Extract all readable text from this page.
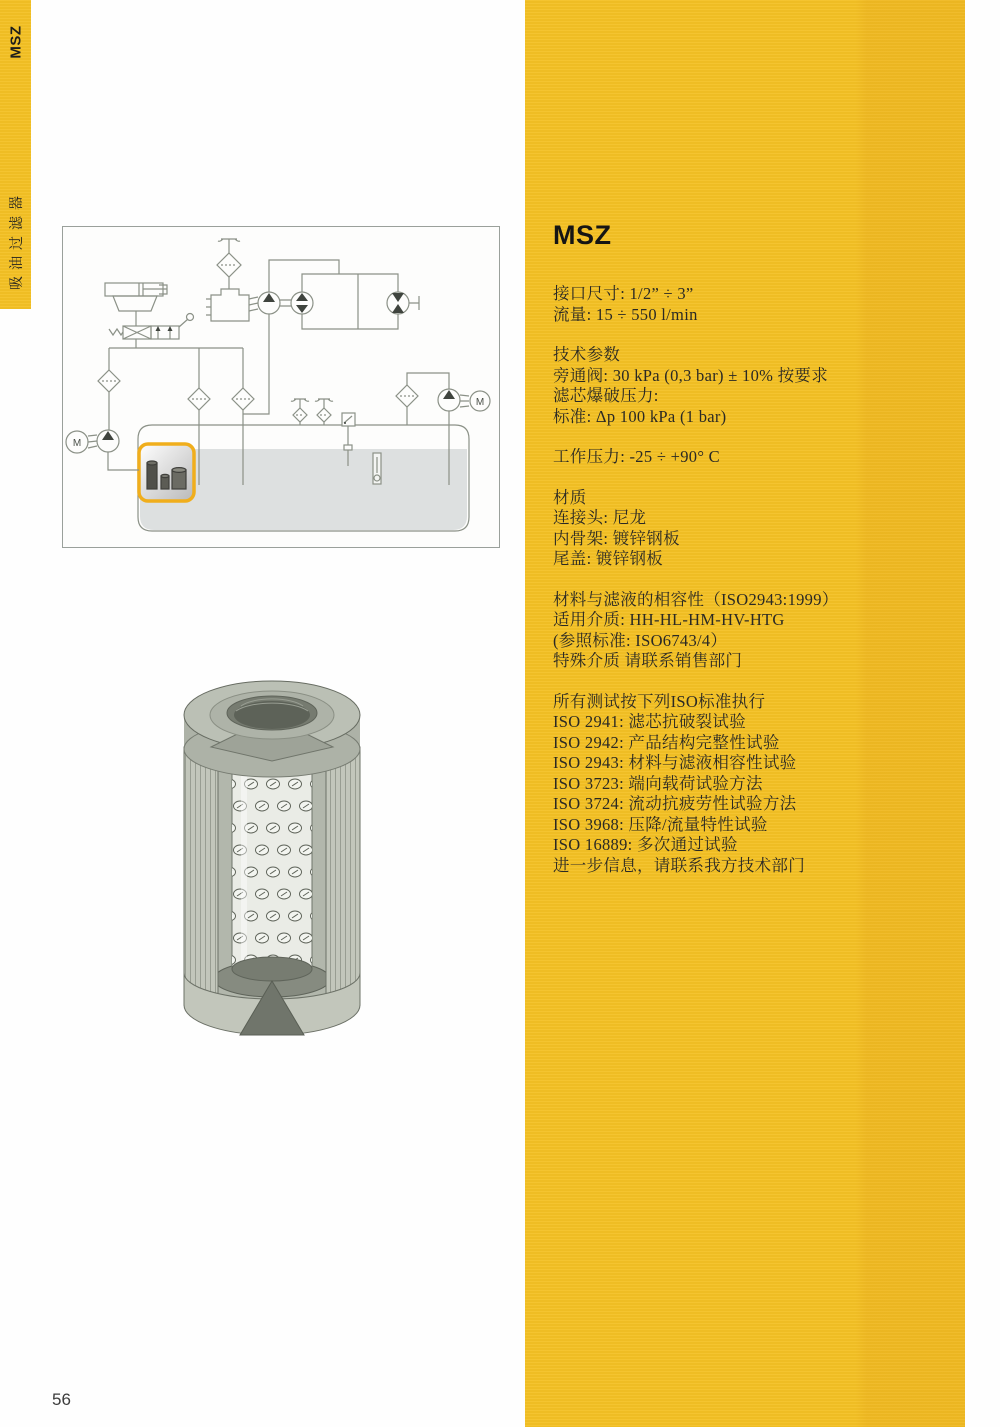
MSZ
吸油过滤器	MSZ
接口尺寸: 1/2” ÷ 3”
流量: 15 ÷ 550 l/min
技术参数
旁通阀: 30 kPa (0,3 bar) ± 10% 按要求
滤芯爆破压力:
标准: Δp 100 kPa (1 bar)
工作压力: -25 ÷ +90° C
材质
连接头: 尼龙
内骨架: 镀锌钢板
尾盖: 镀锌钢板
材料与滤液的相容性（ISO2943:1999）
适用介质: HH-HL-HM-HV-HTG
(参照标准: ISO6743/4）
特殊介质 请联系销售部门
所有测试按下列ISO标准执行
ISO 2941: 滤芯抗破裂试验
ISO 2942: 产品结构完整性试验
ISO 2943: 材料与滤液相容性试验
ISO 3723: 端向载荷试验方法
ISO 3724: 流动抗疲劳性试验方法
ISO 3968: 压降/流量特性试验
ISO 16889: 多次通过试验
进一步信息，请联系我方技术部门
M
M
56
